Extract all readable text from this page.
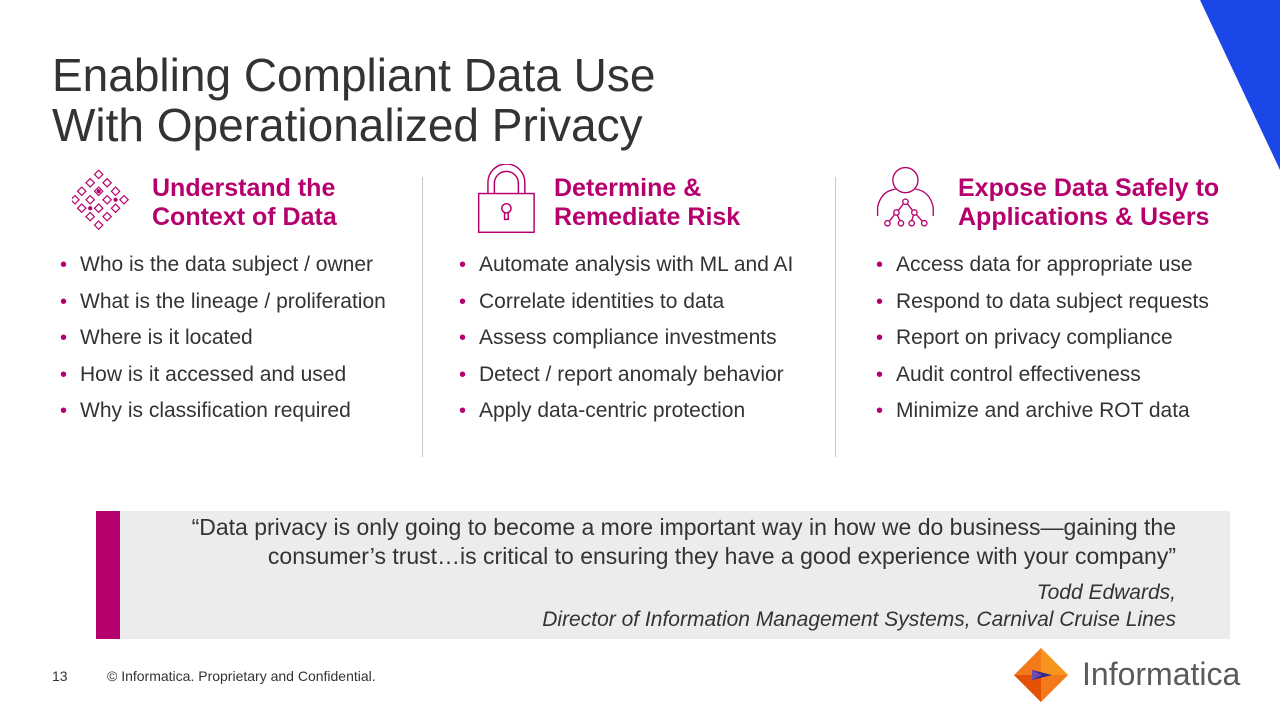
Enabling Compliant Data Use
With Operationalized Privacy
Understand the
Context of Data
• Who is the data subject / owner
• What is the lineage / proliferation
• Where is it located
• How is it accessed and used
• Why is classification required
Determine &
Remediate Risk
• Automate analysis with ML and AI
• Correlate identities to data
• Assess compliance investments
• Detect / report anomaly behavior
• Apply data-centric protection
Expose Data Safely to
Applications & Users
• Access data for appropriate use
• Respond to data subject requests
• Report on privacy compliance
• Audit control effectiveness
• Minimize and archive ROT data
“Data privacy is only going to become a more important way in how we do business—gaining the
consumer’s trust…is critical to ensuring they have a good experience with your company”
Todd Edwards,
Director of Information Management Systems, Carnival Cruise Lines
13	© Informatica. Proprietary and Confidential.	Informatica
